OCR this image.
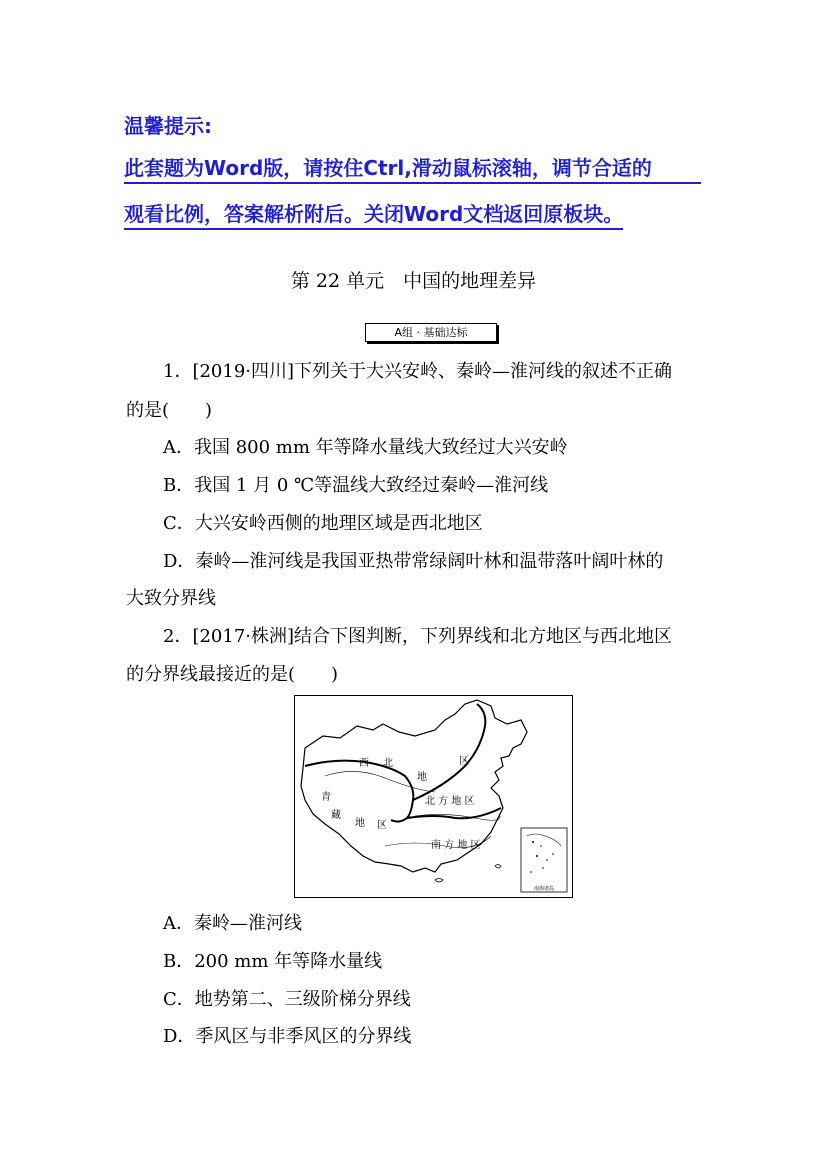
温馨提示:
此套题为Word版，请按住Ctrl,滑动鼠标滚轴，调节合适的
观看比例，答案解析附后。关闭Word文档返回原板块。
第 22 单元　中国的地理差异
A组 · 基础达标
1．[2019·四川]下列关于大兴安岭、秦岭—淮河线的叙述不正确
的是(　　)
A．我国 800 mm 年等降水量线大致经过大兴安岭
B．我国 1 月 0 ℃等温线大致经过秦岭—淮河线
C．大兴安岭西侧的地理区域是西北地区
D．秦岭—淮河线是我国亚热带常绿阔叶林和温带落叶阔叶林的
大致分界线
2．[2017·株洲]结合下图判断，下列界线和北方地区与西北地区
的分界线最接近的是(　　)
西 北
地
区
青
藏
地 区
北 方 地 区
南 方 地 区
南海诸岛
A．秦岭—淮河线
B．200 mm 年等降水量线
C．地势第二、三级阶梯分界线
D．季风区与非季风区的分界线
